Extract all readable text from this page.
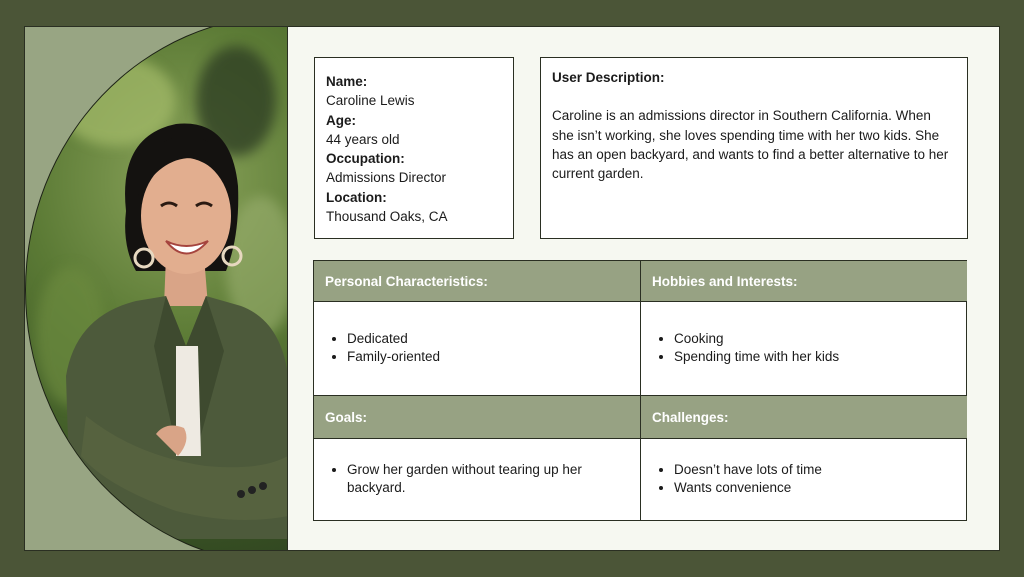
Name:
Caroline Lewis
Age:
44 years old
Occupation:
Admissions Director
Location:
Thousand Oaks, CA
User Description:
Caroline is an admissions director in Southern California. When she isn’t working, she loves spending time with her two kids. She has an open backyard, and wants to find a better alternative to her current garden.
Personal Characteristics:	Hobbies and Interests:
• Dedicated
• Family-oriented
• Cooking
• Spending time with her kids
Goals:	Challenges:
• Grow her garden without tearing up her backyard.
• Doesn’t have lots of time
• Wants convenience
